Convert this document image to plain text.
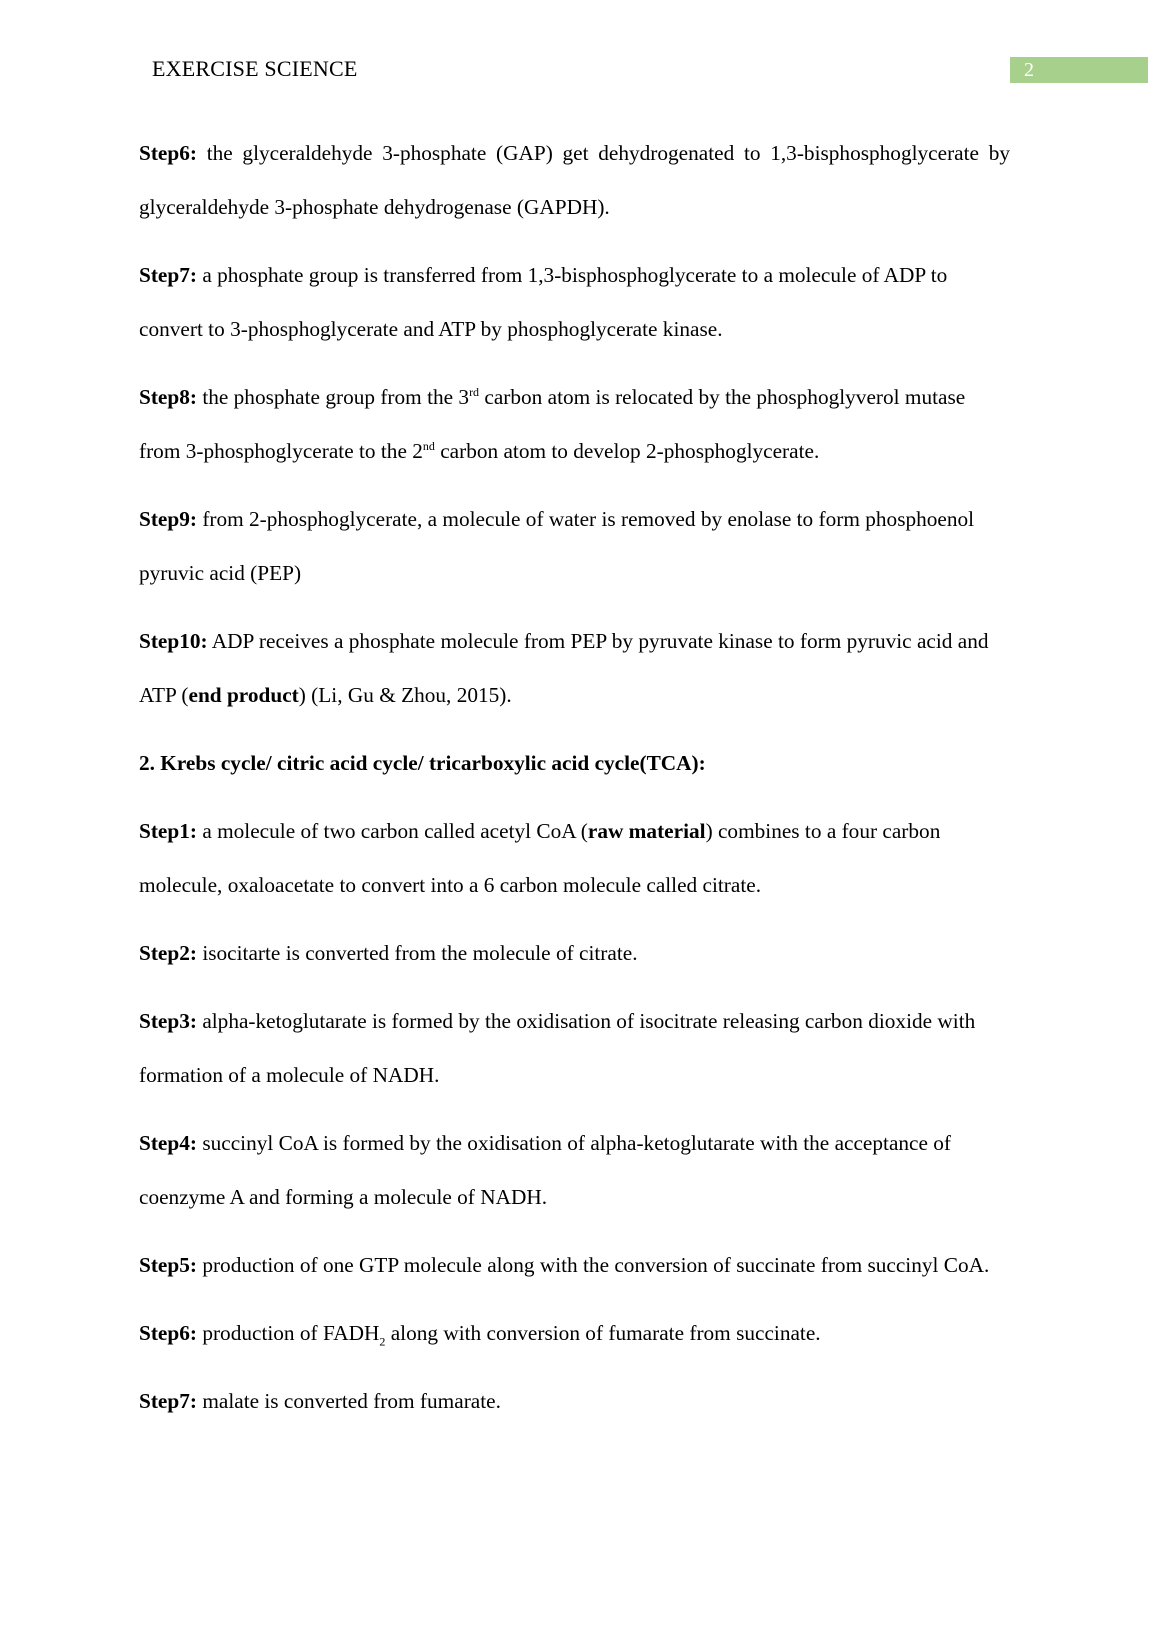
EXERCISE SCIENCE	2

Step6: the glyceraldehyde 3-phosphate (GAP) get dehydrogenated to 1,3-bisphosphoglycerate by glyceraldehyde 3-phosphate dehydrogenase (GAPDH).

Step7: a phosphate group is transferred from 1,3-bisphosphoglycerate to a molecule of ADP to convert to 3-phosphoglycerate and ATP by phosphoglycerate kinase.

Step8: the phosphate group from the 3rd carbon atom is relocated by the phosphoglyverol mutase from 3-phosphoglycerate to the 2nd carbon atom to develop 2-phosphoglycerate.

Step9: from 2-phosphoglycerate, a molecule of water is removed by enolase to form phosphoenol pyruvic acid (PEP)

Step10: ADP receives a phosphate molecule from PEP by pyruvate kinase to form pyruvic acid and ATP (end product) (Li, Gu & Zhou, 2015).

2. Krebs cycle/ citric acid cycle/ tricarboxylic acid cycle(TCA):

Step1: a molecule of two carbon called acetyl CoA (raw material) combines to a four carbon molecule, oxaloacetate to convert into a 6 carbon molecule called citrate.

Step2: isocitarte is converted from the molecule of citrate.

Step3: alpha-ketoglutarate is formed by the oxidisation of isocitrate releasing carbon dioxide with formation of a molecule of NADH.

Step4: succinyl CoA is formed by the oxidisation of alpha-ketoglutarate with the acceptance of coenzyme A and forming a molecule of NADH.

Step5: production of one GTP molecule along with the conversion of succinate from succinyl CoA.

Step6: production of $FADH_2$ along with conversion of fumarate from succinate.

Step7: malate is converted from fumarate.
